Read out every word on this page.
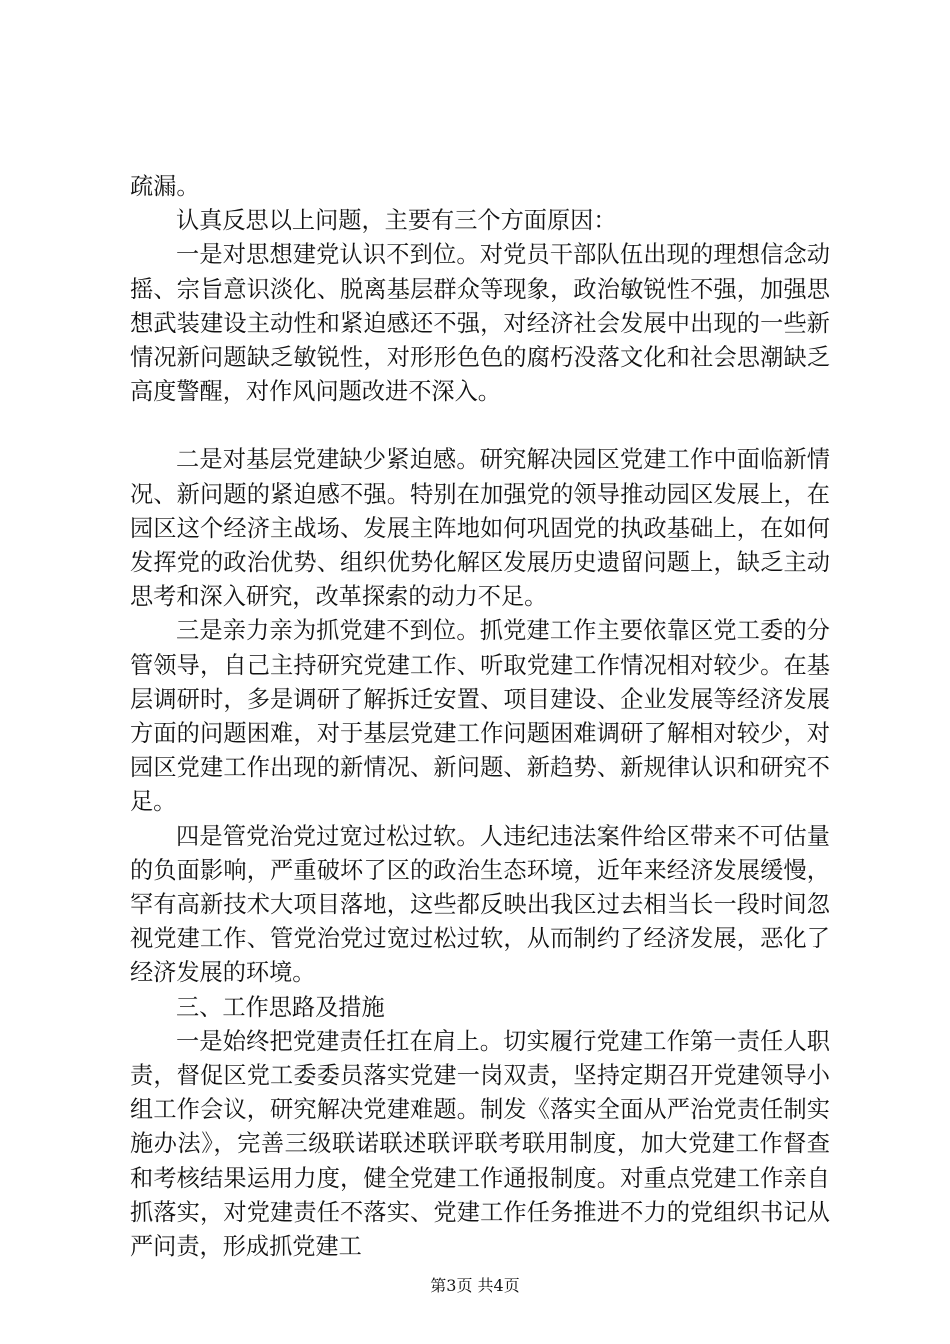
疏漏。

认真反思以上问题，主要有三个方面原因：

一是对思想建党认识不到位。对党员干部队伍出现的理想信念动摇、宗旨意识淡化、脱离基层群众等现象，政治敏锐性不强，加强思想武装建设主动性和紧迫感还不强，对经济社会发展中出现的一些新情况新问题缺乏敏锐性，对形形色色的腐朽没落文化和社会思潮缺乏高度警醒，对作风问题改进不深入。

二是对基层党建缺少紧迫感。研究解决园区党建工作中面临新情况、新问题的紧迫感不强。特别在加强党的领导推动园区发展上，在园区这个经济主战场、发展主阵地如何巩固党的执政基础上，在如何发挥党的政治优势、组织优势化解区发展历史遗留问题上，缺乏主动思考和深入研究，改革探索的动力不足。

三是亲力亲为抓党建不到位。抓党建工作主要依靠区党工委的分管领导，自己主持研究党建工作、听取党建工作情况相对较少。在基层调研时，多是调研了解拆迁安置、项目建设、企业发展等经济发展方面的问题困难，对于基层党建工作问题困难调研了解相对较少，对园区党建工作出现的新情况、新问题、新趋势、新规律认识和研究不足。

四是管党治党过宽过松过软。人违纪违法案件给区带来不可估量的负面影响，严重破坏了区的政治生态环境，近年来经济发展缓慢，罕有高新技术大项目落地，这些都反映出我区过去相当长一段时间忽视党建工作、管党治党过宽过松过软，从而制约了经济发展，恶化了经济发展的环境。

三、工作思路及措施

一是始终把党建责任扛在肩上。切实履行党建工作第一责任人职责，督促区党工委委员落实党建一岗双责，坚持定期召开党建领导小组工作会议，研究解决党建难题。制发《落实全面从严治党责任制实施办法》，完善三级联诺联述联评联考联用制度，加大党建工作督查和考核结果运用力度，健全党建工作通报制度。对重点党建工作亲自抓落实，对党建责任不落实、党建工作任务推进不力的党组织书记从严问责，形成抓党建工

第3页 共4页
